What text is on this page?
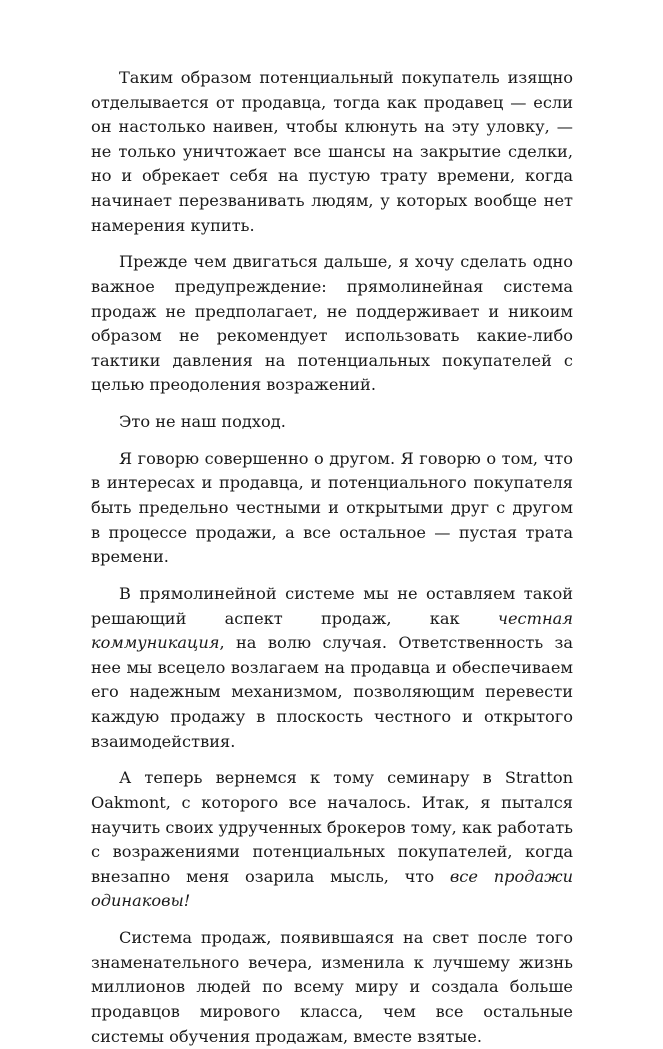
Таким образом потенциальный покупатель изящно отделывается от продавца, тогда как продавец — если он настолько наивен, чтобы клюнуть на эту уловку, — не только уничтожает все шансы на закрытие сделки, но и обрекает себя на пустую трату времени, когда начинает перезванивать людям, у которых вообще нет намерения купить.

Прежде чем двигаться дальше, я хочу сделать одно важное предупреждение: прямолинейная система продаж не предполагает, не поддерживает и никоим образом не рекомендует использовать какие-либо тактики давления на потенциальных покупателей с целью преодоления возражений.

Это не наш подход.

Я говорю совершенно о другом. Я говорю о том, что в интересах и продавца, и потенциального покупателя быть предельно честными и открытыми друг с другом в процессе продажи, а все остальное — пустая трата времени.

В прямолинейной системе мы не оставляем такой решающий аспект продаж, как честная коммуникация, на волю случая. Ответственность за нее мы всецело возлагаем на продавца и обеспечиваем его надежным механизмом, позволяющим перевести каждую продажу в плоскость честного и открытого взаимодействия.

А теперь вернемся к тому семинару в Stratton Oakmont, с которого все началось. Итак, я пытался научить своих удрученных брокеров тому, как работать с возражениями потенциальных покупателей, когда внезапно меня озарила мысль, что все продажи одинаковы!

Система продаж, появившаяся на свет после того знаменательного вечера, изменила к лучшему жизнь миллионов людей по всему миру и создала больше продавцов мирового класса, чем все остальные системы обучения продажам, вместе взятые.
